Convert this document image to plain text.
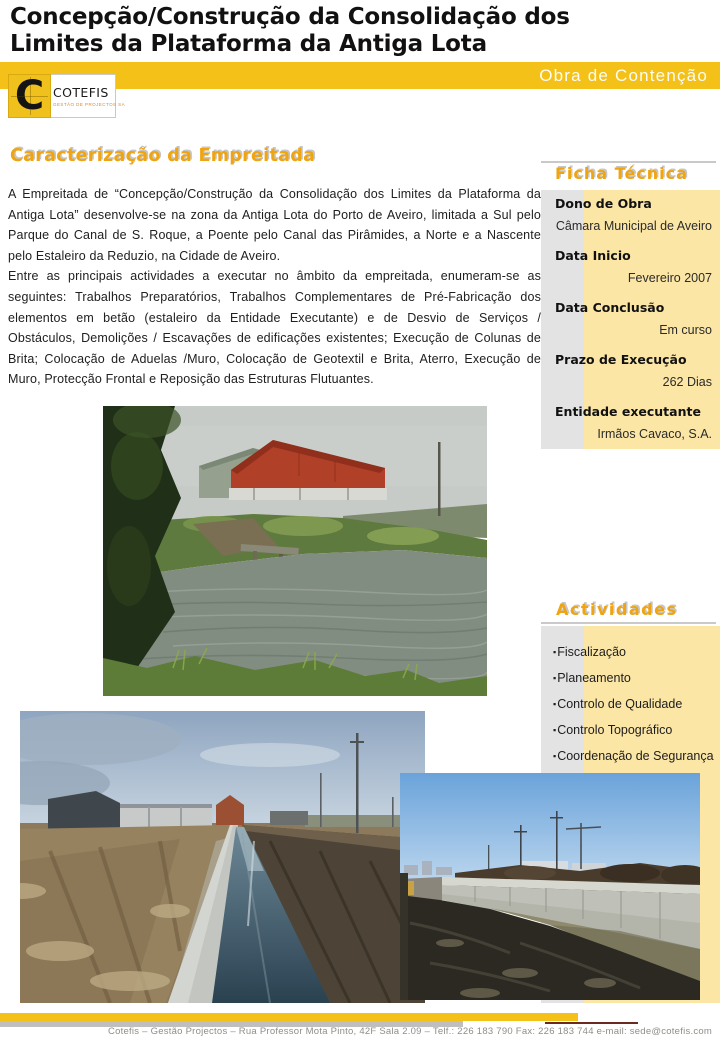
Concepção/Construção da Consolidação dos
Limites da Plataforma da Antiga Lota
Obra de Contenção
C COTEFIS
GESTÃO DE PROJECTOS SA
Caracterização da Empreitada

A Empreitada de “Concepção/Construção da Consolidação dos Limites da Plataforma da Antiga Lota” desenvolve-se na zona da Antiga Lota do Porto de Aveiro, limitada a Sul pelo Parque do Canal de S. Roque, a Poente pelo Canal das Pirâmides, a Norte e a Nascente pelo Estaleiro da Reduzio, na Cidade de Aveiro.

Entre as principais actividades a executar no âmbito da empreitada, enumeram-se as seguintes: Trabalhos Preparatórios, Trabalhos Complementares de Pré-Fabricação dos elementos em betão (estaleiro da Entidade Executante) e de Desvio de Serviços / Obstáculos, Demolições / Escavações de edificações existentes; Execução de Colunas de Brita; Colocação de Aduelas /Muro, Colocação de Geotextil e Brita, Aterro, Execução de Muro, Protecção Frontal e Reposição das Estruturas Flutuantes.

Ficha Técnica
Dono de Obra
Câmara Municipal de Aveiro
Data Inicio
Fevereiro 2007
Data Conclusão
Em curso
Prazo de Execução
262 Dias
Entidade executante
Irmãos Cavaco, S.A.
Actividades
▪Fiscalização
▪Planeamento
▪Controlo de Qualidade
▪Controlo Topográfico
▪Coordenação de Segurança
Cotefis – Gestão Projectos – Rua Professor Mota Pinto, 42F Sala 2.09 – Telf.: 226 183 790 Fax: 226 183 744 e-mail: sede@cotefis.com
